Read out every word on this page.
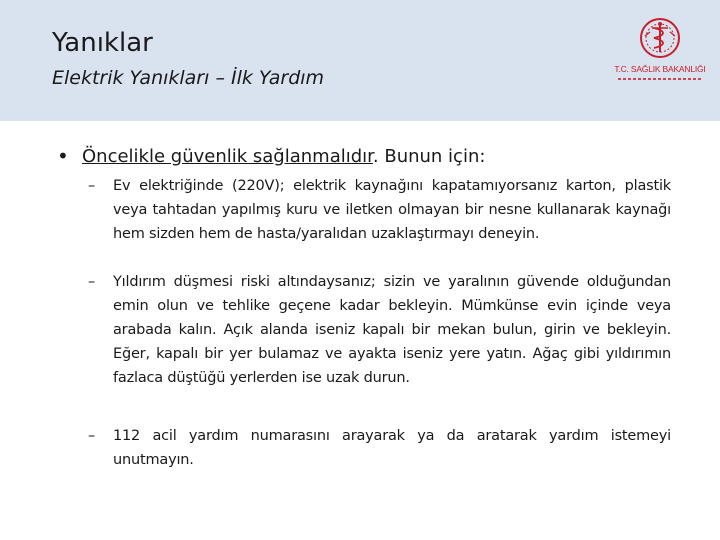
Yanıklar
Elektrik Yanıkları – İlk Yardım	T.C. SAĞLIK BAKANLIĞI
• Öncelikle güvenlik sağlanmalıdır. Bunun için:
– Ev elektriğinde (220V); elektrik kaynağını kapatamıyorsanız karton, plastik veya tahtadan yapılmış kuru ve iletken olmayan bir nesne kullanarak kaynağı hem sizden hem de hasta/yaralıdan uzaklaştırmayı deneyin.
– Yıldırım düşmesi riski altındaysanız; sizin ve yaralının güvende olduğundan emin olun ve tehlike geçene kadar bekleyin. Mümkünse evin içinde veya arabada kalın. Açık alanda iseniz kapalı bir mekan bulun, girin ve bekleyin. Eğer, kapalı bir yer bulamaz ve ayakta iseniz yere yatın. Ağaç gibi yıldırımın fazlaca düştüğü yerlerden ise uzak durun.
– 112 acil yardım numarasını arayarak ya da aratarak yardım istemeyi unutmayın.
